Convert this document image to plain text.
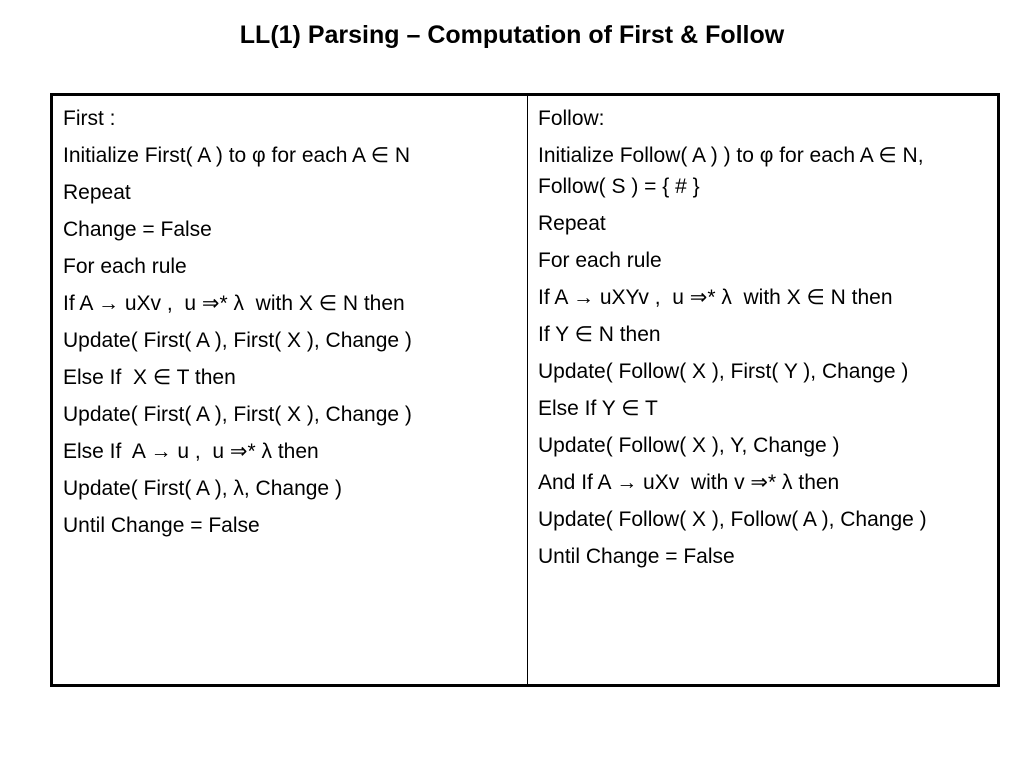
LL(1) Parsing – Computation of First & Follow
First :
Initialize First( A ) to φ for each A ∈ N
Repeat
Change = False
For each rule
If A → uXv ,  u ⇒* λ  with X ∈ N then
Update( First( A ), First( X ), Change )
Else If  X ∈ T then
Update( First( A ), First( X ), Change )
Else If  A → u ,  u ⇒* λ then
Update( First( A ), λ, Change )
Until Change = False
Follow:
Initialize Follow( A ) ) to φ for each A ∈ N,  Follow( S ) = { # }
Repeat
For each rule
If A → uXYv ,  u ⇒* λ  with X ∈ N then
If Y ∈ N then
Update( Follow( X ), First( Y ), Change )
Else If Y ∈ T
Update( Follow( X ), Y, Change )
And If A → uXv  with v ⇒* λ then
Update( Follow( X ), Follow( A ), Change )
Until Change = False
